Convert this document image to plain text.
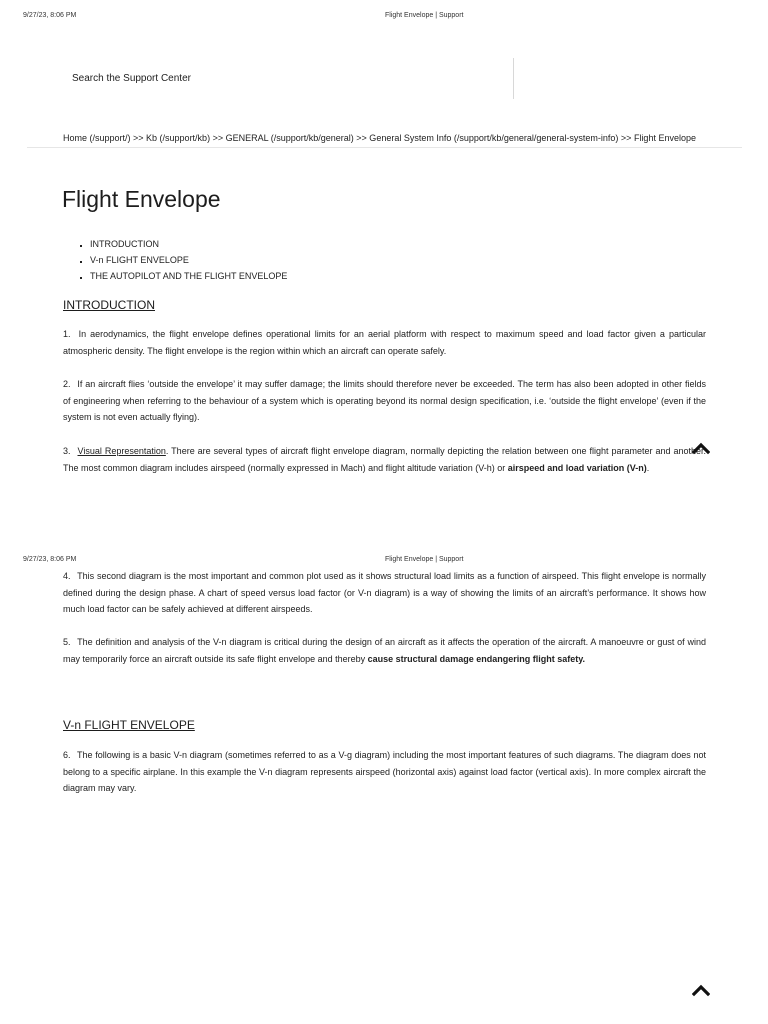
9/27/23, 8:06 PM	Flight Envelope | Support
Search the Support Center
Home (/support/) >> Kb (/support/kb) >> GENERAL (/support/kb/general) >> General System Info (/support/kb/general/general-system-info) >> Flight Envelope
Flight Envelope
▪ INTRODUCTION
▪ V-n FLIGHT ENVELOPE
▪ THE AUTOPILOT AND THE FLIGHT ENVELOPE
INTRODUCTION

1. In aerodynamics, the flight envelope defines operational limits for an aerial platform with respect to maximum speed and load factor given a particular atmospheric density. The flight envelope is the region within which an aircraft can operate safely.

2. If an aircraft flies ‘outside the envelope’ it may suffer damage; the limits should therefore never be exceeded. The term has also been adopted in other fields of engineering when referring to the behaviour of a system which is operating beyond its normal design specification, i.e. ‘outside the flight envelope’ (even if the system is not even actually flying).

3. Visual Representation. There are several types of aircraft flight envelope diagram, normally depicting the relation between one flight parameter and another. The most common diagram includes airspeed (normally expressed in Mach) and flight altitude variation (V-h) or airspeed and load variation (V-n).

9/27/23, 8:06 PM	Flight Envelope | Support

4. This second diagram is the most important and common plot used as it shows structural load limits as a function of airspeed. This flight envelope is normally defined during the design phase. A chart of speed versus load factor (or V-n diagram) is a way of showing the limits of an aircraft’s performance. It shows how much load factor can be safely achieved at different airspeeds.

5. The definition and analysis of the V-n diagram is critical during the design of an aircraft as it affects the operation of the aircraft. A manoeuvre or gust of wind may temporarily force an aircraft outside its safe flight envelope and thereby cause structural damage endangering flight safety.

V-n FLIGHT ENVELOPE

6. The following is a basic V-n diagram (sometimes referred to as a V-g diagram) including the most important features of such diagrams. The diagram does not belong to a specific airplane. In this example the V-n diagram represents airspeed (horizontal axis) against load factor (vertical axis). In more complex aircraft the diagram may vary.
